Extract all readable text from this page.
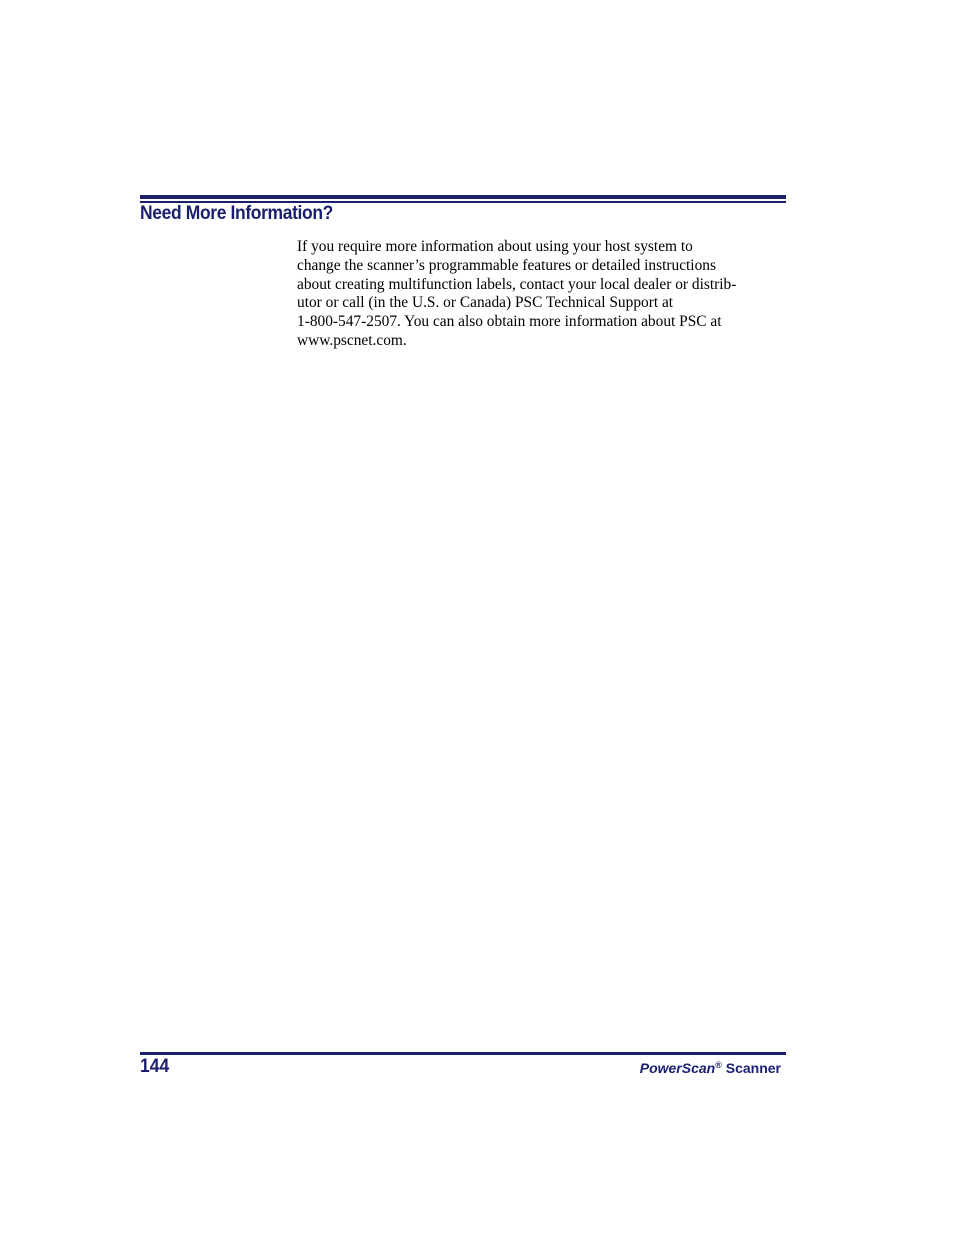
Need More Information?
If you require more information about using your host system to
change the scanner’s programmable features or detailed instructions
about creating multifunction labels, contact your local dealer or distrib-
utor or call (in the U.S. or Canada) PSC Technical Support at
1-800-547-2507. You can also obtain more information about PSC at
www.pscnet.com.
144	PowerScan® Scanner
